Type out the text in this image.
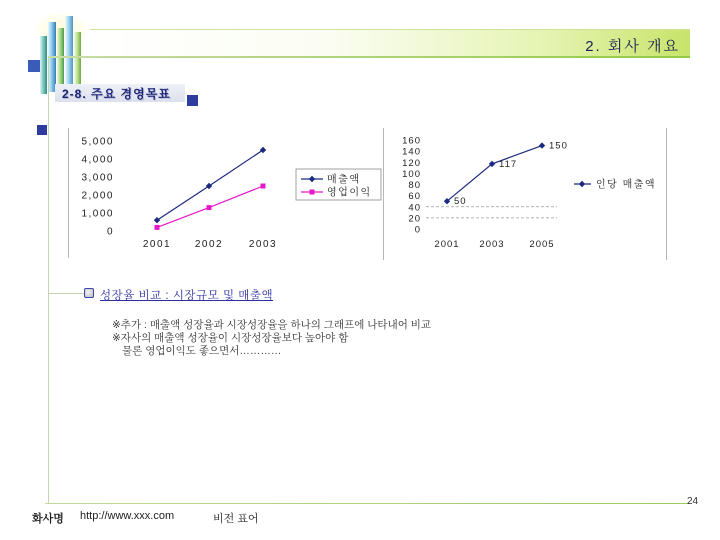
2. 회사 개요
2-8. 주요 경영목표
0
1,000
2,000
3,000
4,000
5,000
2001 2002	2003
매출액
영업이익
0
20
40
60
80
100
120
140
160
2001 2003	2005
50
117
150
인당 매출액
성장율 비교 : 시장규모 및 매출액
※추가 : 매출액 성장율과 시장성장율을 하나의 그래프에 나타내어 비교
※자사의 매출액 성장율이 시장성장율보다 높아야 함
물론 영업이익도 좋으면서…………
24
화사명 http://www.xxx.com	비전 표어
